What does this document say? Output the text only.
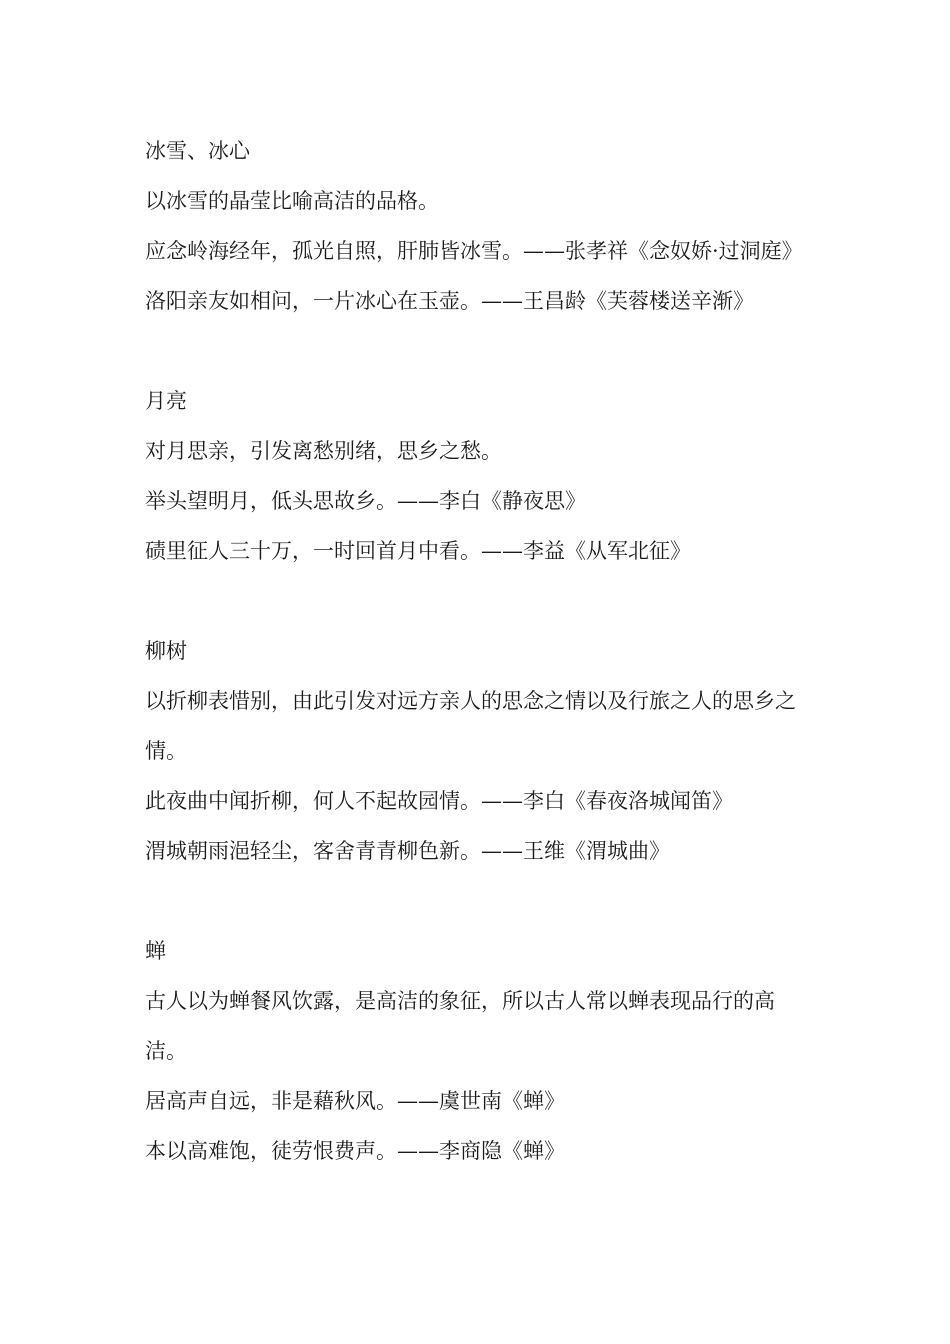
冰雪、冰心

以冰雪的晶莹比喻高洁的品格。

应念岭海经年，孤光自照，肝肺皆冰雪。——张孝祥《念奴娇·过洞庭》

洛阳亲友如相问，一片冰心在玉壶。——王昌龄《芙蓉楼送辛渐》

月亮

对月思亲，引发离愁别绪，思乡之愁。

举头望明月，低头思故乡。——李白《静夜思》

碛里征人三十万，一时回首月中看。——李益《从军北征》

柳树

以折柳表惜别，由此引发对远方亲人的思念之情以及行旅之人的思乡之情。

此夜曲中闻折柳，何人不起故园情。——李白《春夜洛城闻笛》

渭城朝雨浥轻尘，客舍青青柳色新。——王维《渭城曲》

蝉

古人以为蝉餐风饮露，是高洁的象征，所以古人常以蝉表现品行的高洁。

居高声自远，非是藉秋风。——虞世南《蝉》

本以高难饱，徒劳恨费声。——李商隐《蝉》
